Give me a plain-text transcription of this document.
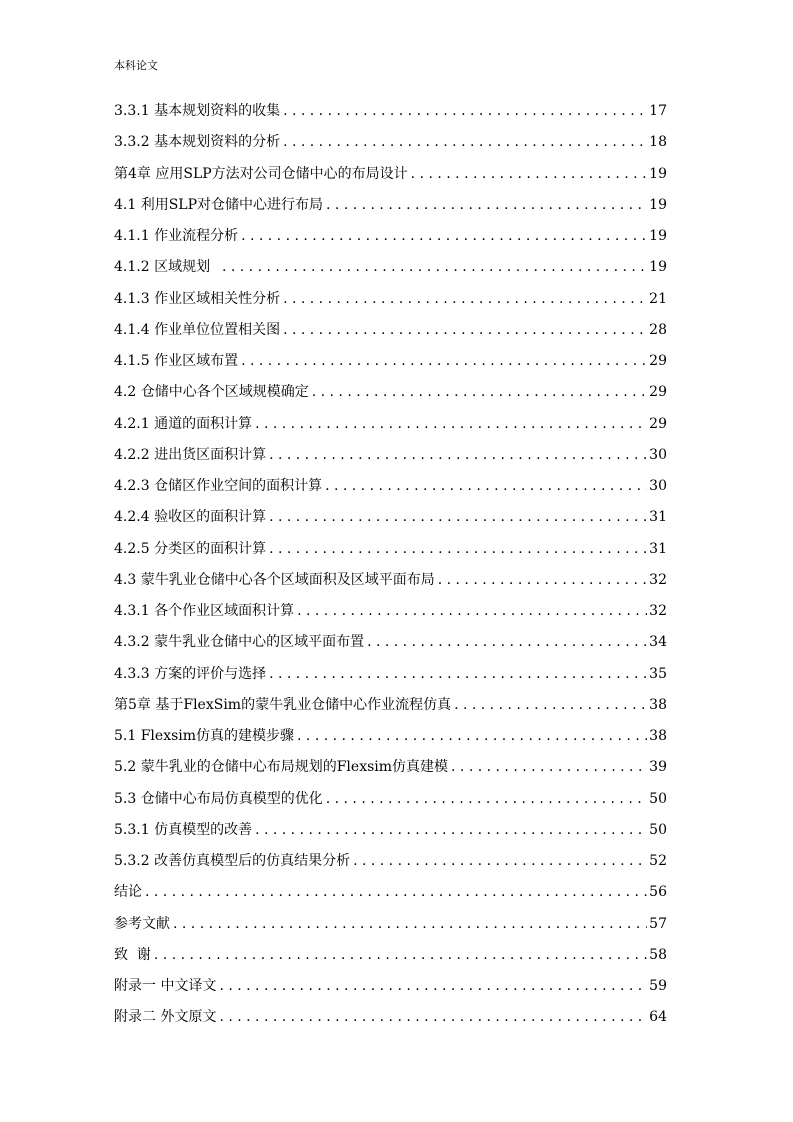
本科论文
3.3.1 基本规划资料的收集 . . .	17
3.3.2 基本规划资料的分析 . . .	18
第4章 应用SLP方法对公司仓储中心的布局设计 . . .	19
4.1 利用SLP对仓储中心进行布局 . . .	19
4.1.1 作业流程分析 . . .	19
4.1.2 区域规划 . . .	19
4.1.3 作业区域相关性分析 . . .	21
4.1.4 作业单位位置相关图 . . .	28
4.1.5 作业区域布置 . . .	29
4.2 仓储中心各个区域规模确定 . . .	29
4.2.1 通道的面积计算 . . .	29
4.2.2 进出货区面积计算 . . .	30
4.2.3 仓储区作业空间的面积计算 . . .	30
4.2.4 验收区的面积计算 . . .	31
4.2.5 分类区的面积计算 . . .	31
4.3 蒙牛乳业仓储中心各个区域面积及区域平面布局 . . .	32
4.3.1 各个作业区域面积计算 . . .	32
4.3.2 蒙牛乳业仓储中心的区域平面布置 . . .	34
4.3.3 方案的评价与选择 . . .	35
第5章 基于FlexSim的蒙牛乳业仓储中心作业流程仿真 . . .	38
5.1 Flexsim仿真的建模步骤 . . .	38
5.2 蒙牛乳业的仓储中心布局规划的Flexsim仿真建模 . . .	39
5.3 仓储中心布局仿真模型的优化 . . .	50
5.3.1 仿真模型的改善 . . .	50
5.3.2 改善仿真模型后的仿真结果分析 . . .	52
结论 . . .	56
参考文献 . . .	57
致  谢 . . .	58
附录一 中文译文 . . .	59
附录二 外文原文 . . .	64
